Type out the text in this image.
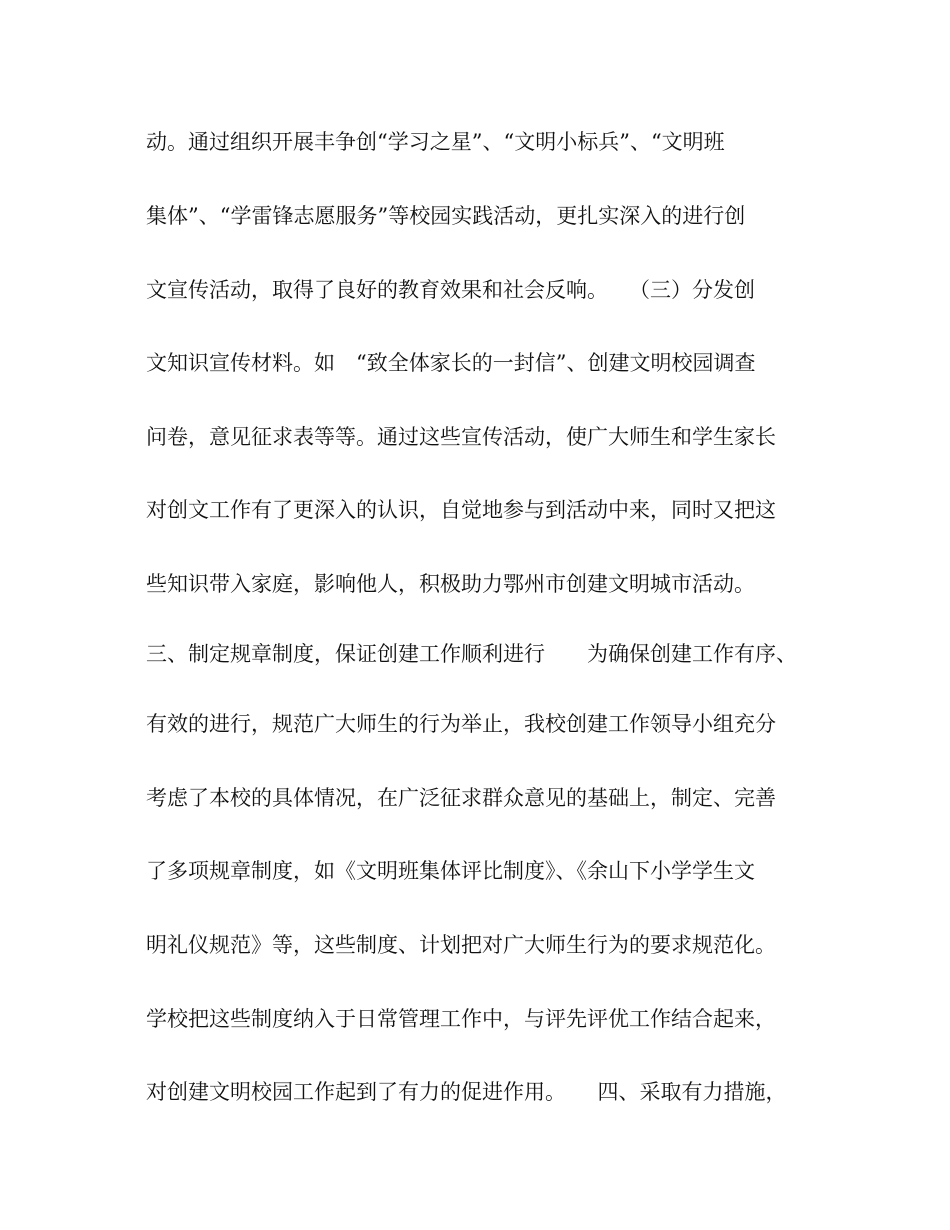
动。通过组织开展丰争创“学习之星”、“文明小标兵”、“文明班
集体”、“学雷锋志愿服务”等校园实践活动，更扎实深入的进行创
文宣传活动，取得了良好的教育效果和社会反响。　　（三）分发创
文知识宣传材料。如　“致全体家长的一封信”、创建文明校园调查
问卷，意见征求表等等。通过这些宣传活动，使广大师生和学生家长
对创文工作有了更深入的认识，自觉地参与到活动中来，同时又把这
些知识带入家庭，影响他人，积极助力鄂州市创建文明城市活动。
三、制定规章制度，保证创建工作顺利进行　　为确保创建工作有序、
有效的进行，规范广大师生的行为举止，我校创建工作领导小组充分
考虑了本校的具体情况，在广泛征求群众意见的基础上，制定、完善
了多项规章制度，如《文明班集体评比制度》、《余山下小学学生文
明礼仪规范》等，这些制度、计划把对广大师生行为的要求规范化。
学校把这些制度纳入于日常管理工作中，与评先评优工作结合起来，
对创建文明校园工作起到了有力的促进作用。　　四、采取有力措施，
